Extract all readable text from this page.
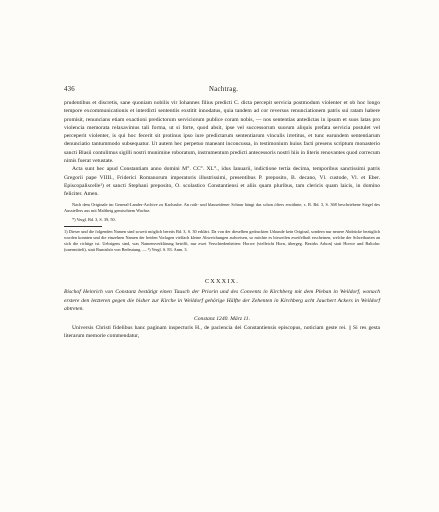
436	Nachtrag.

prudentibus et discretis, sane quoniam nobilis vir Iohannes filius predicti C. dicta percepit servicia postmodum violenter et ob hoc longo tempore excommunicationis et interdicti sententiis exstitit innodatus, quia tandem ad cor reversus renunciationem patris sui ratam habere promisit, renuncians etiam exactioni predictorum serviciorum publice coram nobis, — nos sententias antedictas in ipsum et suos latas pro violencia memorata relaxavimus tali forma, ut si forte, quod absit, ipse vel successorum suorum aliquis prefata servicia postulet vel perceperit violenter, is qui hoc fecerit sit protinus ipso iure predictarum sententiarum vinculis irretitus, et tunc earundem sententiarum denunciatio tantummodo subsequatur. Ut autem hec perpetuo maneant inconcussa, in testimonium huius facti presens scriptum monasterio sancti Blasii contulimus sigilli nostri munimine roboratum, instrumentum predicti antecessoris nostri hiis in literis renovantes quod correcum nimis fuerat vetustate.

Acta sunt hec apud Constantiam anno domini M°. CC°. XL°., idus Ianuarii, indictione tertia decima, temporibus sanctissimi patris Gregorii pape VIIII., Friderici Romanorum imperatoris illustrissimi, presentibus P. preposito, B. decano, Vl. custode, Vl. et Eber. Episcopaliscelle¹) et sancti Stephani preposito, O. scolastico Constantiensi et aliis quam pluribus, tam clericis quam laicis, in domino feliciter. Amen.

Nach dem Originale im General-Landes-Archive zu Karlsruhe. An roth- und blauseidener Schnur hängt das schon öfters erwähnte, s. B. Bd. 3, S. 368 beschriebene Siegel des Ausstellers aus mit Maltheig gemischtem Wachse.
*) Vergl. Bd. 3, S. 39, 50.
1) Dieser und die folgenden Namen sind soweit möglich bereits Bd. 3, S. 30 erklärt. Da von der dieselben gedruckten Urkunde kein Original, sondern nur neuere Abdrücke bezüglich worden konnten und die einzelnen Namen der beiden Vorlagen vielfach kleine Abweichungen aufweisen, so möchte es bisweilen zweifelhaft erscheinen, welche der Schreibarten an sich die richtige ist. Uebrigens sind, was Namensverklärung betrifft, nur zwei Verschiedenheiten: Horwe (vielleicht Horn, übergeg. Bezirks Arbon) statt Horwe und Baltoluc (unermittelt), statt Rumishör von Bedeutung. — ²) Vergl. S. 83. Anm. 3.
CXXXIX.
Bischof Heinrich von Constanz bestätigt einen Tausch der Priorin und des Convents in Kirchberg mit dem Pleban in Weildorf, wonach erstere den letzteren gegen die bisher zur Kirche in Weildorf gehörige Hälfte der Zehenten in Kirchberg acht Jauchert Ackers in Weildorf abtreten.
Constanz 1240. März 11.

Universis Christi fidelibus hanc paginam inspecturis H., de paciencia dei Constantiensis episcopus, noticiam geste rei. || Si res gesta literarum memorie commendatur,
